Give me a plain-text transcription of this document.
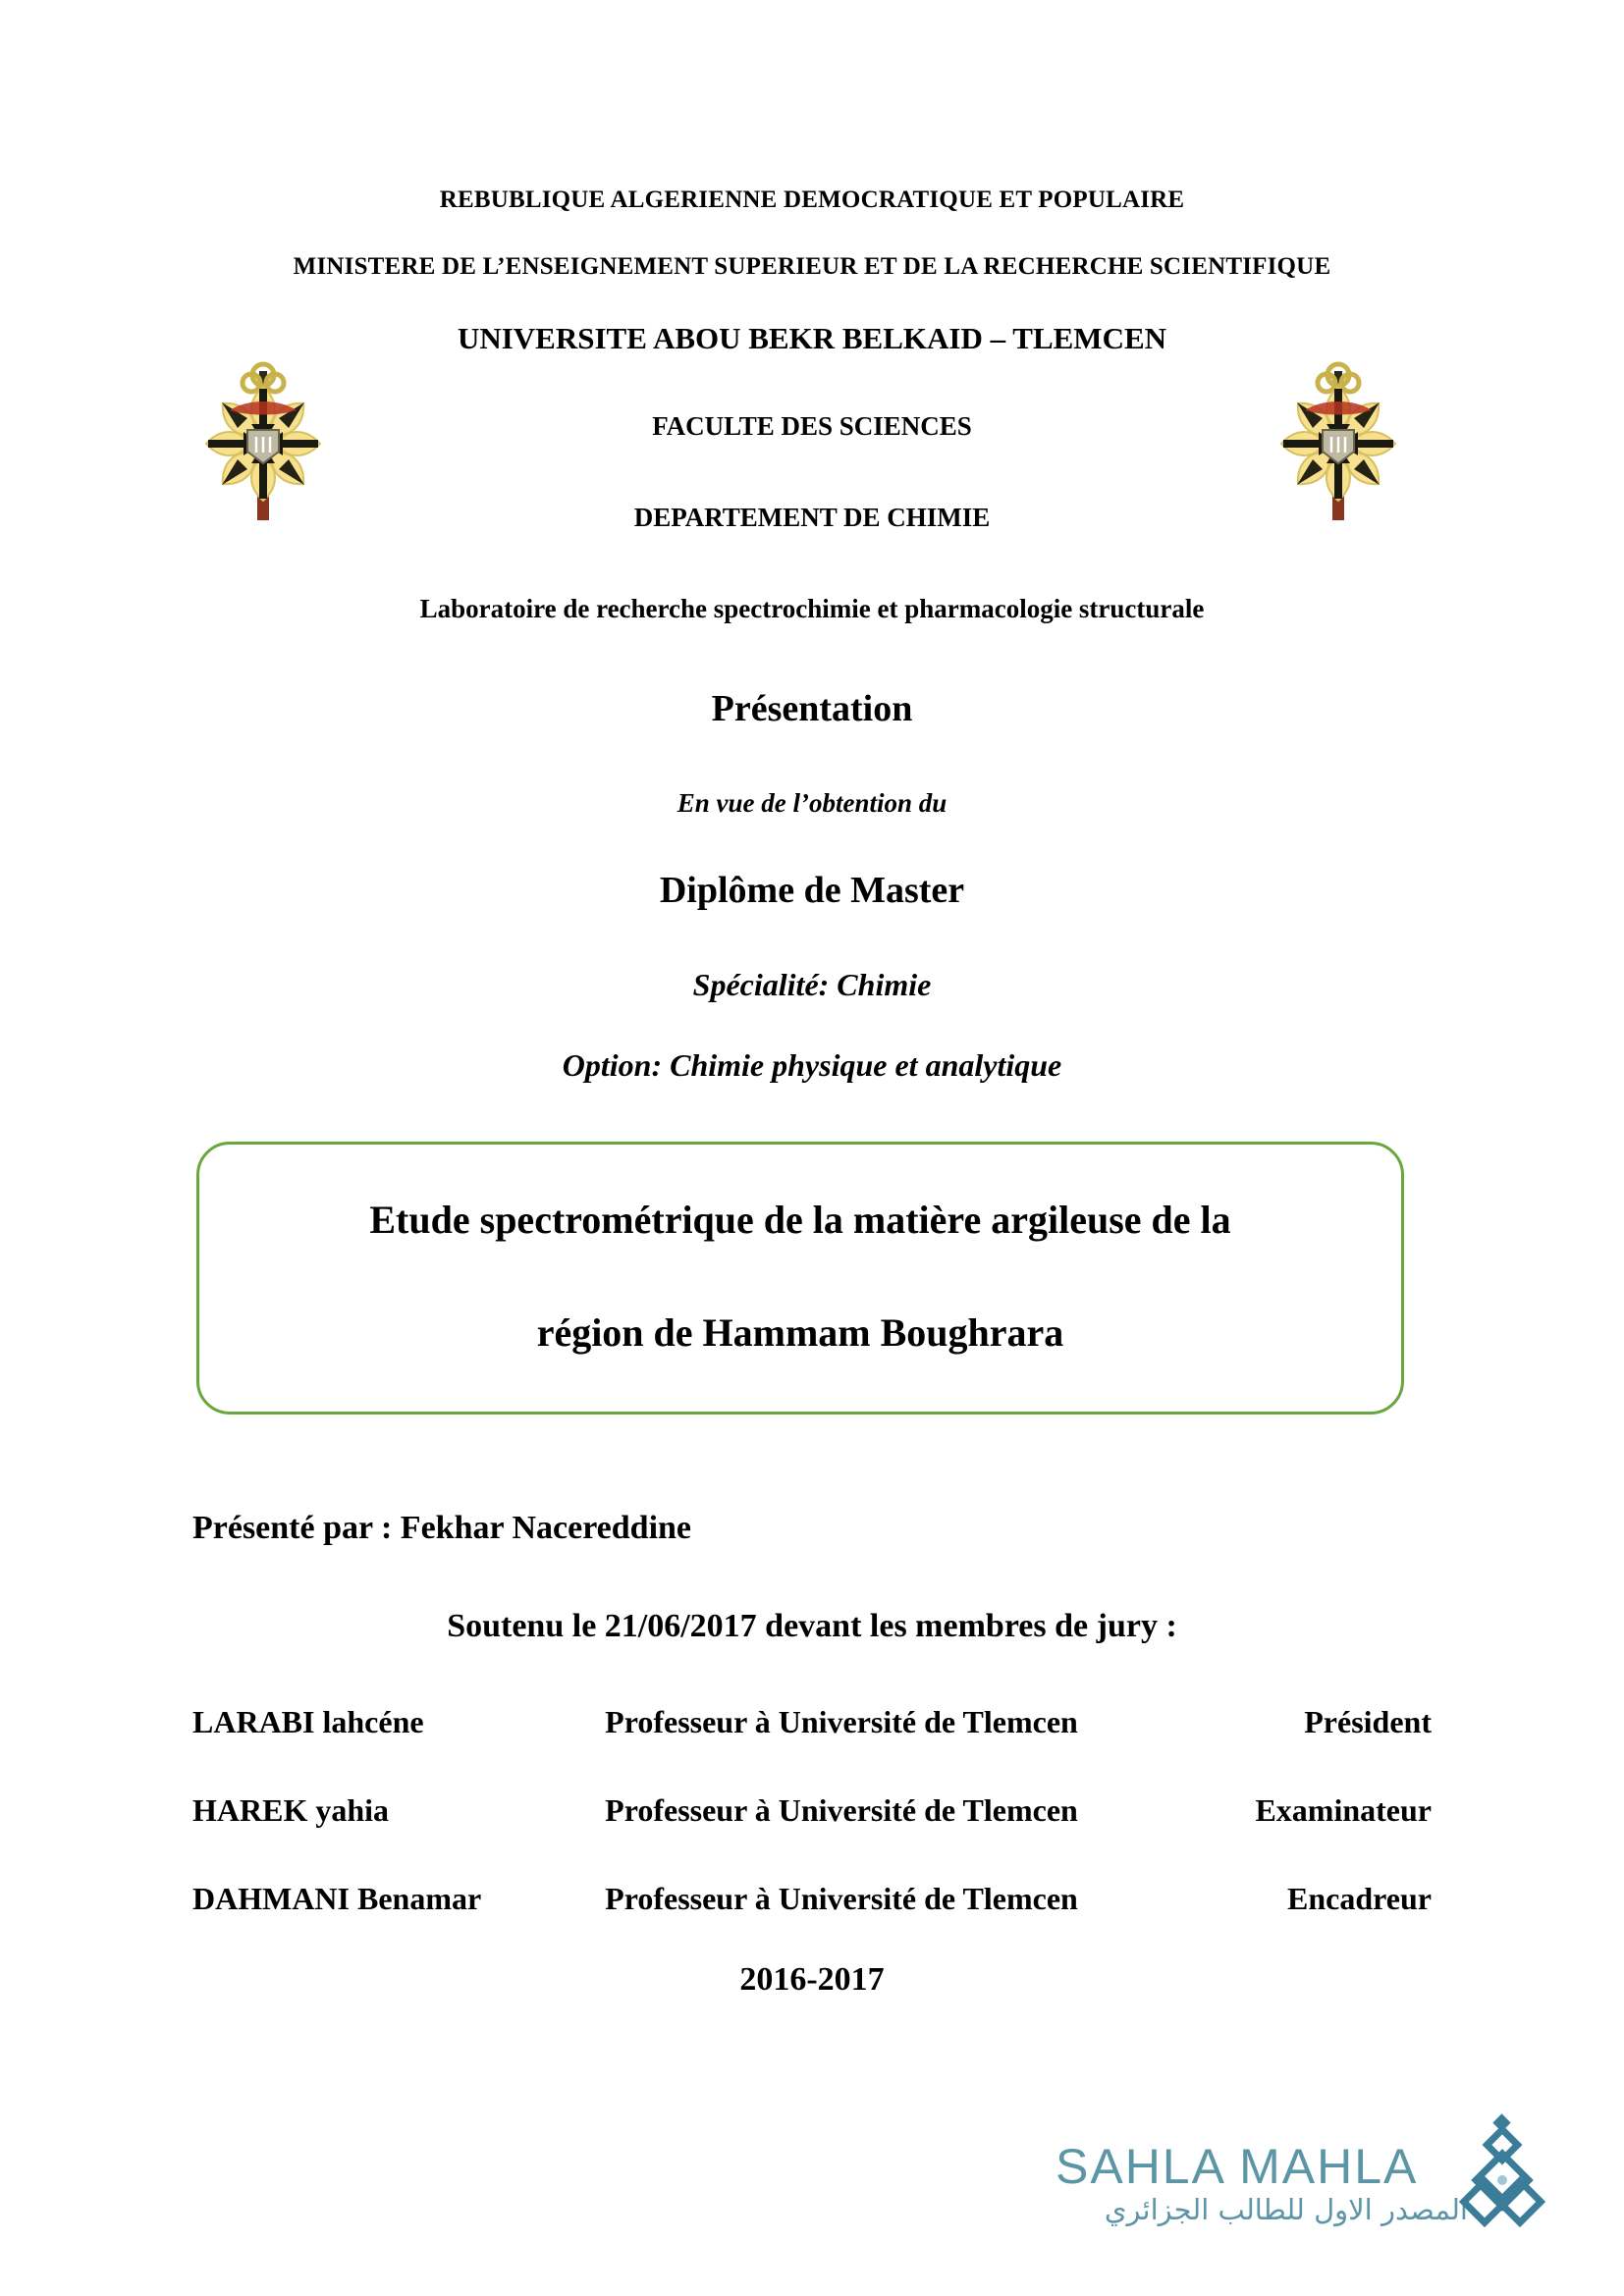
REBUBLIQUE ALGERIENNE DEMOCRATIQUE ET POPULAIRE
MINISTERE DE L’ENSEIGNEMENT SUPERIEUR ET DE LA RECHERCHE SCIENTIFIQUE
UNIVERSITE ABOU BEKR BELKAID – TLEMCEN
FACULTE DES SCIENCES
DEPARTEMENT DE CHIMIE
Laboratoire de recherche spectrochimie et pharmacologie structurale
Présentation
En vue de l’obtention du
Diplôme de Master
Spécialité: Chimie
Option: Chimie physique et analytique
Etude spectrométrique de la matière argileuse de la
région de Hammam Boughrara
Présenté par : Fekhar Nacereddine
Soutenu le 21/06/2017 devant les membres de jury :
LARABI lahcéne	Professeur à Université de Tlemcen	Président
HAREK yahia	Professeur à Université de Tlemcen	Examinateur
DAHMANI Benamar	Professeur à Université de Tlemcen	Encadreur
2016-2017
SAHLA MAHLA
المصدر الاول للطالب الجزائري
